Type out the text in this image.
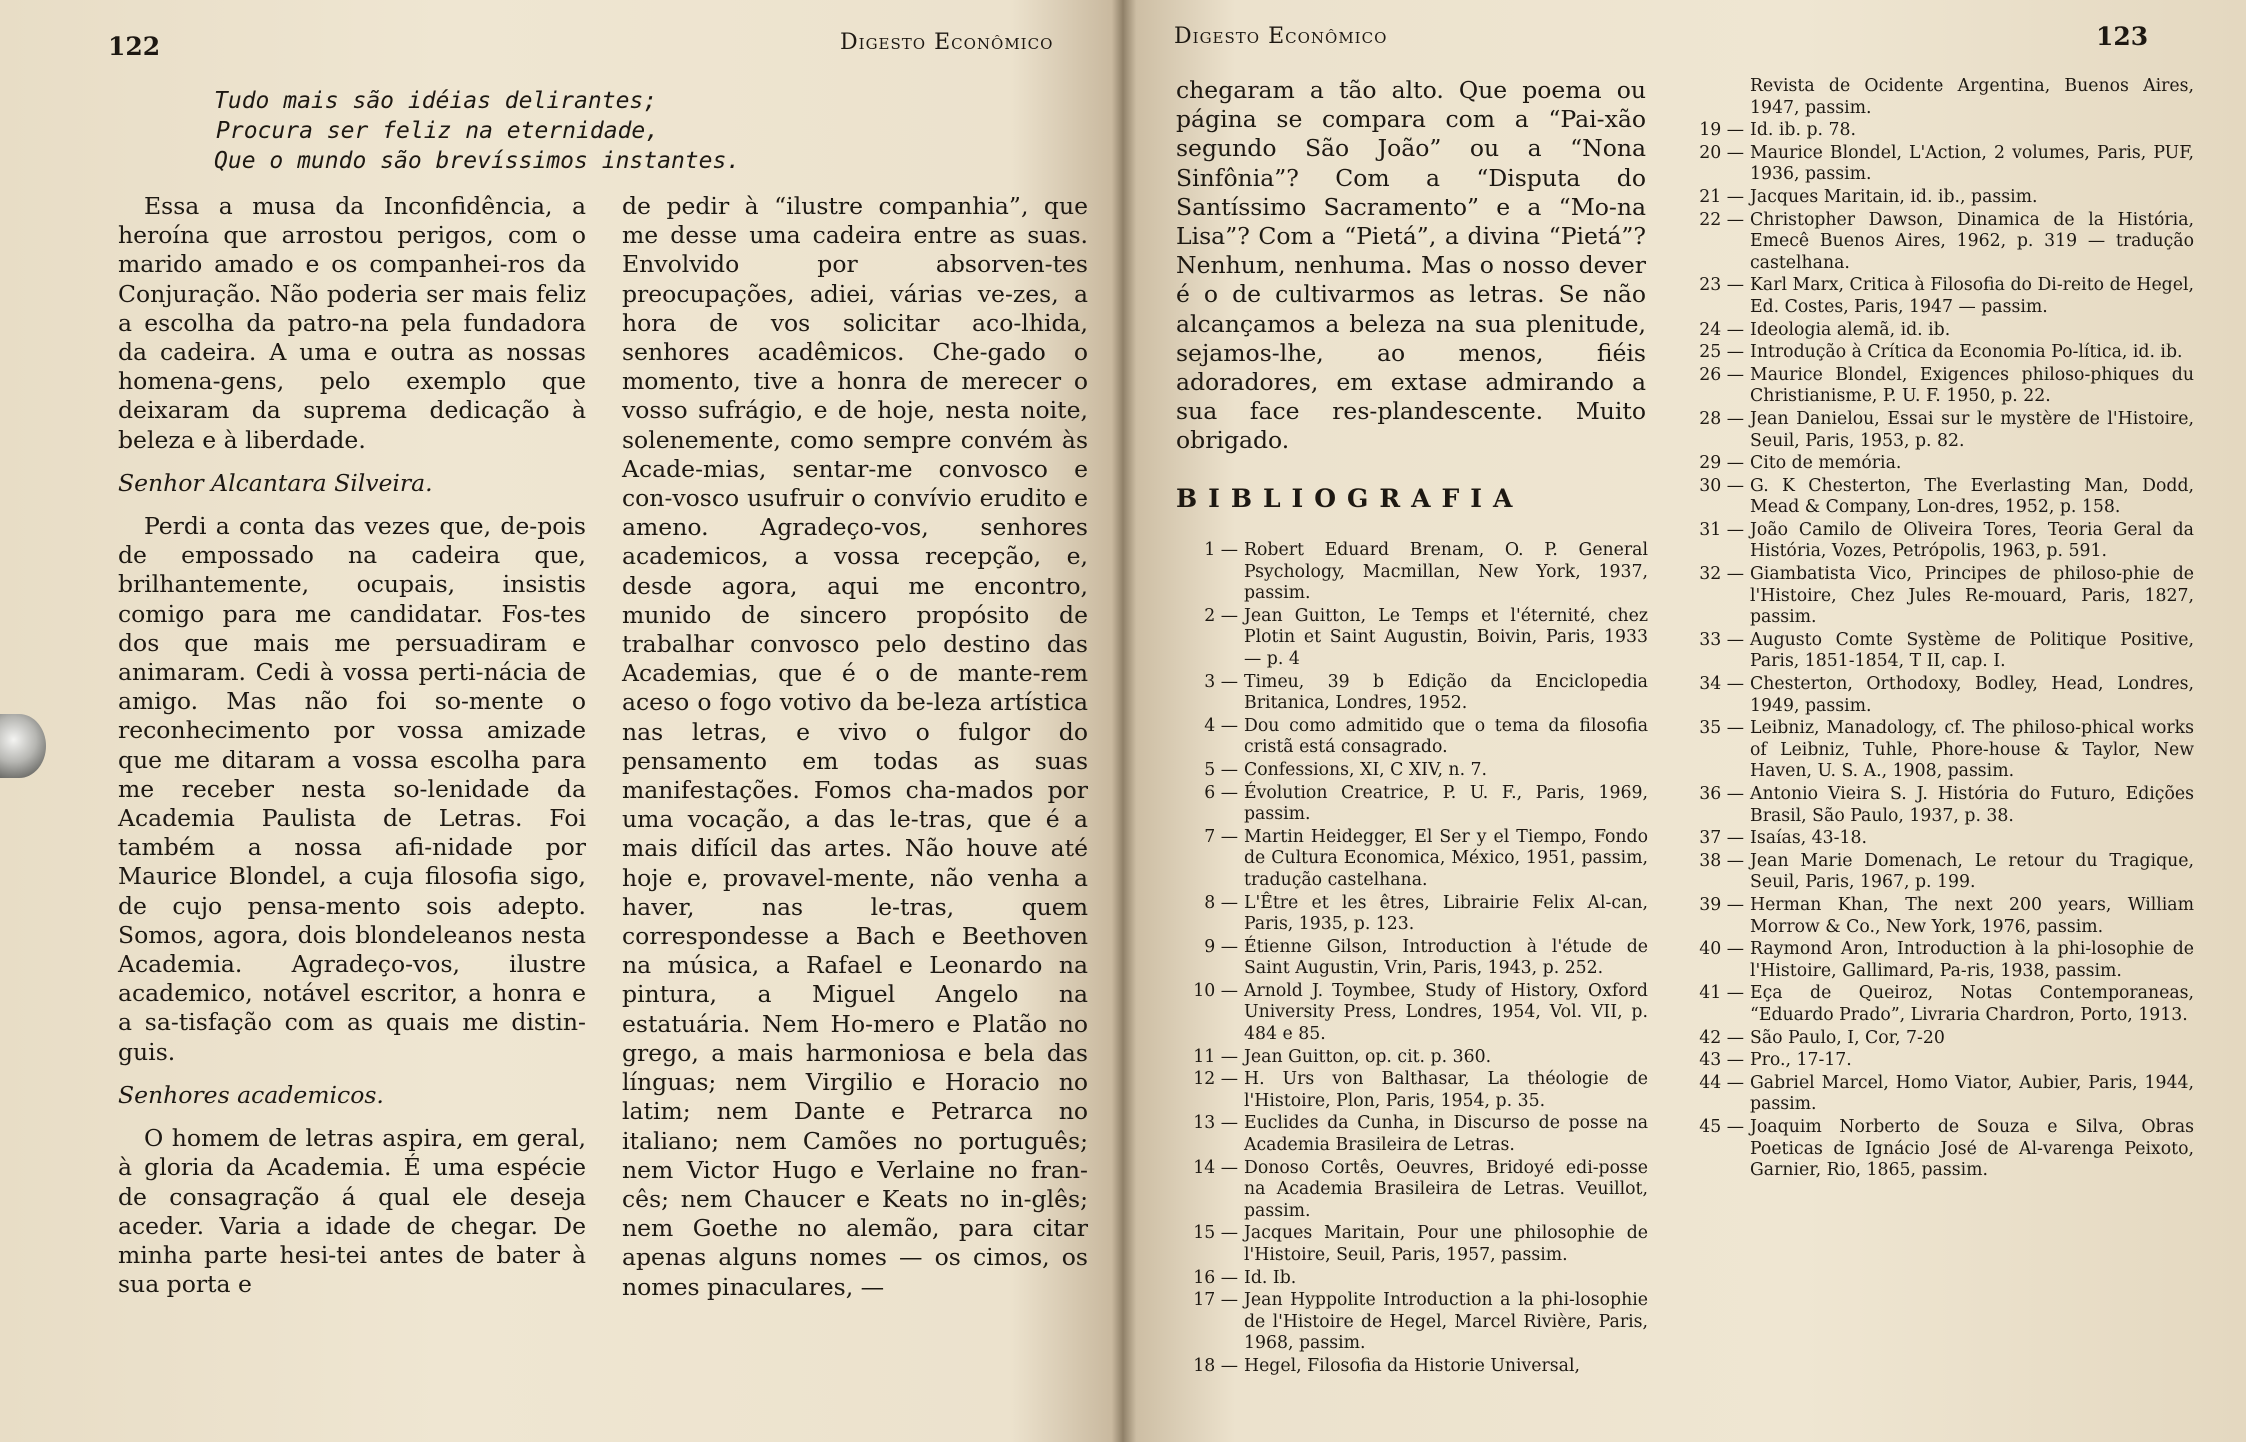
122	Digesto Econômico
Tudo mais são idéias delirantes;
Procura ser feliz na eternidade,
Que o mundo são brevíssimos instantes.

Essa a musa da Inconfidência, a heroína que arrostou perigos, com o marido amado e os companhei-ros da Conjuração. Não poderia ser mais feliz a escolha da patro-na pela fundadora da cadeira. A uma e outra as nossas homena-gens, pelo exemplo que deixaram da suprema dedicação à beleza e à liberdade.

Senhor Alcantara Silveira.

Perdi a conta das vezes que, de-pois de empossado na cadeira que, brilhantemente, ocupais, insistis comigo para me candidatar. Fos-tes dos que mais me persuadiram e animaram. Cedi à vossa perti-nácia de amigo. Mas não foi so-mente o reconhecimento por vossa amizade que me ditaram a vossa escolha para me receber nesta so-lenidade da Academia Paulista de Letras. Foi também a nossa afi-nidade por Maurice Blondel, a cuja filosofia sigo, de cujo pensa-mento sois adepto. Somos, agora, dois blondeleanos nesta Academia. Agradeço-vos, ilustre academico, notável escritor, a honra e a sa-tisfação com as quais me distin-guis.

Senhores academicos.

O homem de letras aspira, em geral, à gloria da Academia. É uma espécie de consagração á qual ele deseja aceder. Varia a idade de chegar. De minha parte hesi-tei antes de bater à sua porta e

de pedir à “ilustre companhia”, que me desse uma cadeira entre as suas. Envolvido por absorven-tes preocupações, adiei, várias ve-zes, a hora de vos solicitar aco-lhida, senhores acadêmicos. Che-gado o momento, tive a honra de merecer o vosso sufrágio, e de hoje, nesta noite, solenemente, como sempre convém às Acade-mias, sentar-me convosco e con-vosco usufruir o convívio erudito e ameno. Agradeço-vos, senhores academicos, a vossa recepção, e, desde agora, aqui me encontro, munido de sincero propósito de trabalhar convosco pelo destino das Academias, que é o de mante-rem aceso o fogo votivo da be-leza artística nas letras, e vivo o fulgor do pensamento em todas as suas manifestações. Fomos cha-mados por uma vocação, a das le-tras, que é a mais difícil das artes. Não houve até hoje e, provavel-mente, não venha a haver, nas le-tras, quem correspondesse a Bach e Beethoven na música, a Rafael e Leonardo na pintura, a Miguel Angelo na estatuária. Nem Ho-mero e Platão no grego, a mais harmoniosa e bela das línguas; nem Virgilio e Horacio no latim; nem Dante e Petrarca no italiano; nem Camões no português; nem Victor Hugo e Verlaine no fran-cês; nem Chaucer e Keats no in-glês; nem Goethe no alemão, para citar apenas alguns nomes — os cimos, os nomes pinaculares, —

Digesto Econômico	123

chegaram a tão alto. Que poema ou página se compara com a “Pai-xão segundo São João” ou a “Nona Sinfônia”? Com a “Disputa do Santíssimo Sacramento” e a “Mo-na Lisa”? Com a “Pietá”, a divina “Pietá”? Nenhum, nenhuma. Mas o nosso dever é o de cultivarmos as letras. Se não alcançamos a beleza na sua plenitude, sejamos-lhe, ao menos, fiéis adoradores, em extase admirando a sua face res-plandescente. Muito obrigado.

BIBLIOGRAFIA
1 — Robert Eduard Brenam, O. P. General Psychology, Macmillan, New York, 1937, passim.
2 — Jean Guitton, Le Temps et l'éternité, chez Plotin et Saint Augustin, Boivin, Paris, 1933 — p. 4
3 — Timeu, 39 b Edição da Enciclopedia Britanica, Londres, 1952.
4 — Dou como admitido que o tema da filosofia cristã está consagrado.
5 — Confessions, XI, C XIV, n. 7.
6 — Évolution Creatrice, P. U. F., Paris, 1969, passim.
7 — Martin Heidegger, El Ser y el Tiempo, Fondo de Cultura Economica, México, 1951, passim, tradução castelhana.
8 — L'Être et les êtres, Librairie Felix Al-can, Paris, 1935, p. 123.
9 — Étienne Gilson, Introduction à l'étude de Saint Augustin, Vrin, Paris, 1943, p. 252.
10 — Arnold J. Toymbee, Study of History, Oxford University Press, Londres, 1954, Vol. VII, p. 484 e 85.
11 — Jean Guitton, op. cit. p. 360.
12 — H. Urs von Balthasar, La théologie de l'Histoire, Plon, Paris, 1954, p. 35.
13 — Euclides da Cunha, in Discurso de posse na Academia Brasileira de Letras.
14 — Donoso Cortês, Oeuvres, Bridoyé edi-posse na Academia Brasileira de Letras. Veuillot, passim.
15 — Jacques Maritain, Pour une philosophie de l'Histoire, Seuil, Paris, 1957, passim.
16 — Id. Ib.
17 — Jean Hyppolite Introduction a la phi-losophie de l'Histoire de Hegel, Marcel Rivière, Paris, 1968, passim.
18 — Hegel, Filosofia da Historie Universal,
Revista de Ocidente Argentina, Buenos Aires, 1947, passim.
19 — Id. ib. p. 78.
20 — Maurice Blondel, L'Action, 2 volumes, Paris, PUF, 1936, passim.
21 — Jacques Maritain, id. ib., passim.
22 — Christopher Dawson, Dinamica de la História, Emecê Buenos Aires, 1962, p. 319 — tradução castelhana.
23 — Karl Marx, Critica à Filosofia do Di-reito de Hegel, Ed. Costes, Paris, 1947 — passim.
24 — Ideologia alemã, id. ib.
25 — Introdução à Crítica da Economia Po-lítica, id. ib.
26 — Maurice Blondel, Exigences philoso-phiques du Christianisme, P. U. F. 1950, p. 22.
28 — Jean Danielou, Essai sur le mystère de l'Histoire, Seuil, Paris, 1953, p. 82.
29 — Cito de memória.
30 — G. K Chesterton, The Everlasting Man, Dodd, Mead & Company, Lon-dres, 1952, p. 158.
31 — João Camilo de Oliveira Tores, Teoria Geral da História, Vozes, Petrópolis, 1963, p. 591.
32 — Giambatista Vico, Principes de philoso-phie de l'Histoire, Chez Jules Re-mouard, Paris, 1827, passim.
33 — Augusto Comte Système de Politique Positive, Paris, 1851-1854, T II, cap. I.
34 — Chesterton, Orthodoxy, Bodley, Head, Londres, 1949, passim.
35 — Leibniz, Manadology, cf. The philoso-phical works of Leibniz, Tuhle, Phore-house & Taylor, New Haven, U. S. A., 1908, passim.
36 — Antonio Vieira S. J. História do Futuro, Edições Brasil, São Paulo, 1937, p. 38.
37 — Isaías, 43-18.
38 — Jean Marie Domenach, Le retour du Tragique, Seuil, Paris, 1967, p. 199.
39 — Herman Khan, The next 200 years, William Morrow & Co., New York, 1976, passim.
40 — Raymond Aron, Introduction à la phi-losophie de l'Histoire, Gallimard, Pa-ris, 1938, passim.
41 — Eça de Queiroz, Notas Contemporaneas, “Eduardo Prado”, Livraria Chardron, Porto, 1913.
42 — São Paulo, I, Cor, 7-20
43 — Pro., 17-17.
44 — Gabriel Marcel, Homo Viator, Aubier, Paris, 1944, passim.
45 — Joaquim Norberto de Souza e Silva, Obras Poeticas de Ignácio José de Al-varenga Peixoto, Garnier, Rio, 1865, passim.
